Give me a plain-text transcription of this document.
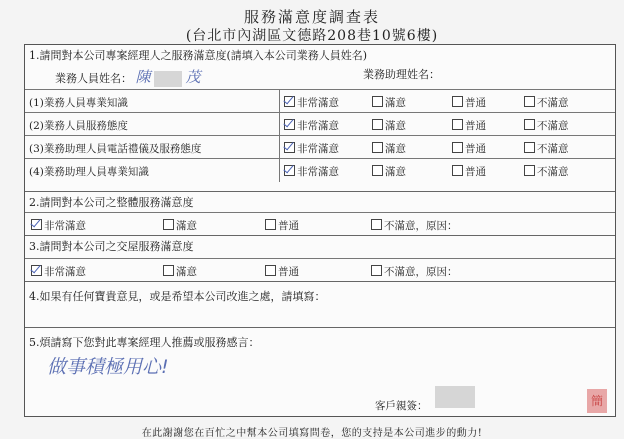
服務滿意度調查表
(台北市內湖區文德路208巷10號6樓)
1.請問對本公司專案經理人之服務滿意度(請填入本公司業務人員姓名)
業務人員姓名： 陳 茂	業務助理姓名：
(1)業務人員專業知識	非常滿意	滿意	普通	不滿意
(2)業務人員服務態度	非常滿意	滿意	普通	不滿意
(3)業務助理人員電話禮儀及服務態度	非常滿意	滿意	普通	不滿意
(4)業務助理人員專業知識	非常滿意	滿意	普通	不滿意
2.請問對本公司之整體服務滿意度
非常滿意	滿意	普通	不滿意，原因：
3.請問對本公司之交屋服務滿意度
非常滿意	滿意	普通	不滿意，原因：
4.如果有任何寶貴意見，或是希望本公司改進之處，請填寫：
5.煩請寫下您對此專案經理人推薦或服務感言：
做事積極用心!
客戶親簽：	簡
在此謝謝您在百忙之中幫本公司填寫問卷，您的支持是本公司進步的動力!
